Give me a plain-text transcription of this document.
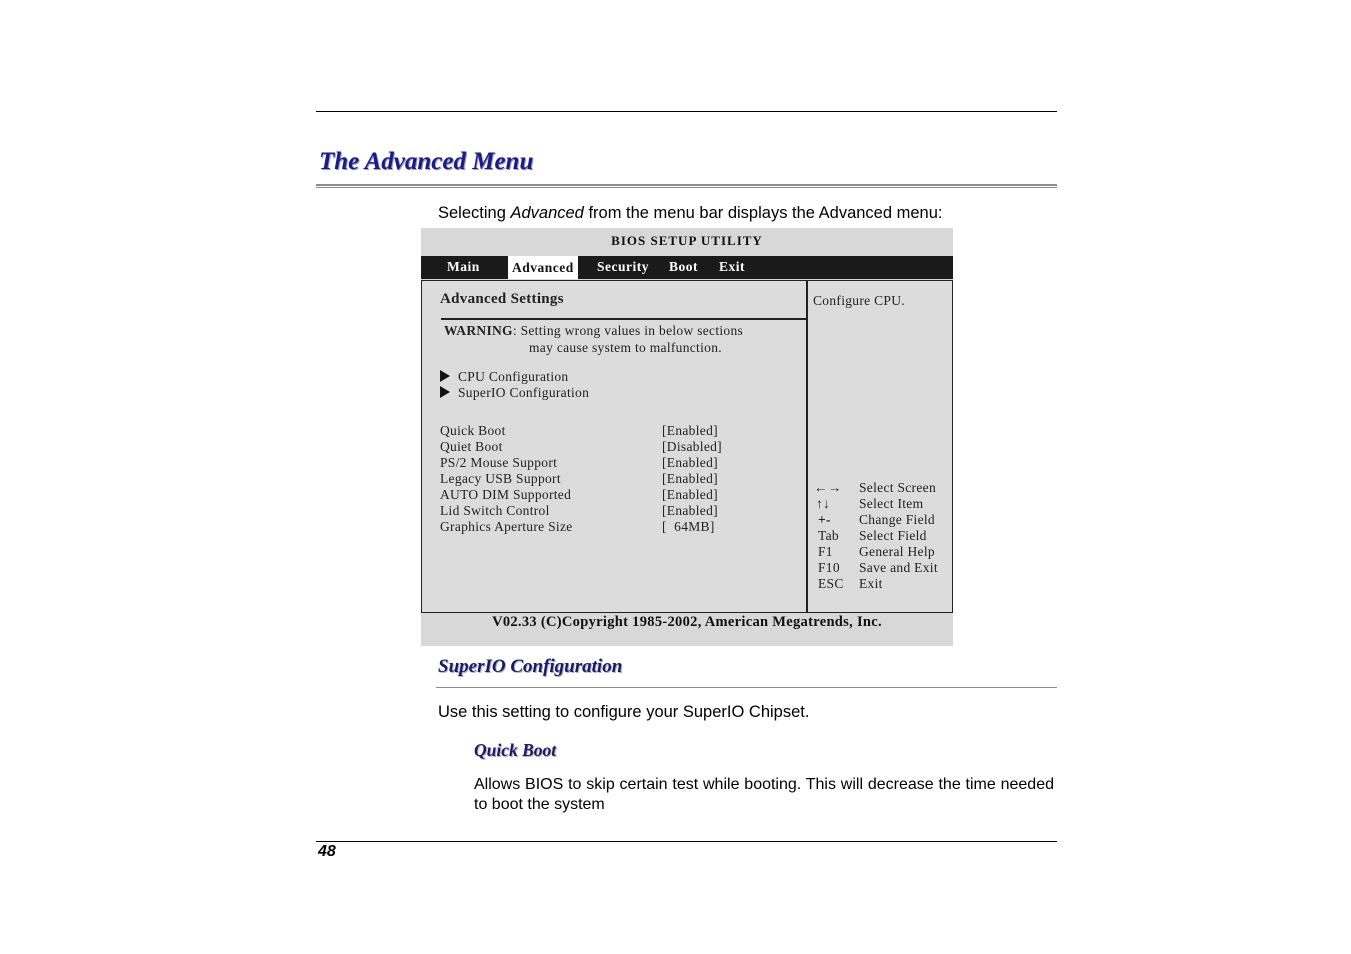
The Advanced Menu
Selecting Advanced from the menu bar displays the Advanced menu:
BIOS SETUP UTILITY
Main Advanced Security Boot Exit
Advanced Settings
WARNING: Setting wrong values in below sections
may cause system to malfunction.
CPU Configuration
SuperIO Configuration
Quick Boot	[Enabled]
Quiet Boot	[Disabled]
PS/2 Mouse Support	[Enabled]
Legacy USB Support	[Enabled]
AUTO DIM Supported	[Enabled]
Lid Switch Control	[Enabled]
Graphics Aperture Size	[  64MB]
Configure CPU.
←→ Select Screen
↑↓ Select Item
+- Change Field
Tab Select Field
F1 General Help
F10 Save and Exit
ESC Exit
V02.33 (C)Copyright 1985-2002, American Megatrends, Inc.
SuperIO Configuration
Use this setting to configure your SuperIO Chipset.
Quick Boot
Allows BIOS to skip certain test while booting. This will decrease the time needed to boot the system
48
